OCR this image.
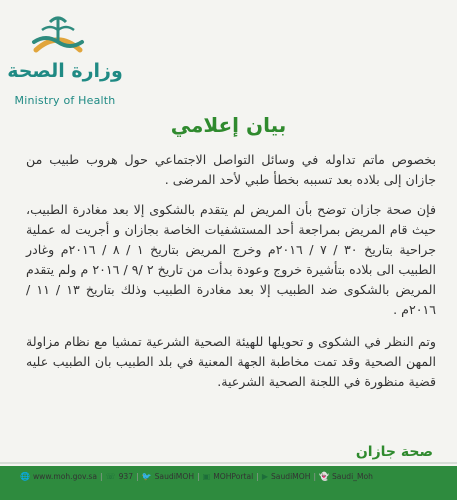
وزارة الصحة
Ministry of Health
بيان إعلامي

بخصوص ماتم تداوله في وسائل التواصل الاجتماعي حول هروب طبيب من جازان إلى بلاده بعد تسببه بخطأ طبي لأحد المرضى .

فإن صحة جازان توضح بأن المريض لم يتقدم بالشكوى إلا بعد مغادرة الطبيب، حيث قام المريض بمراجعة أحد المستشفيات الخاصة بجازان و أجريت له عملية جراحية بتاريخ ٣٠ / ٧ / ٢٠١٦م وخرج المريض بتاريخ ١ / ٨ / ٢٠١٦م وغادر الطبيب الى بلاده بتأشيرة خروج وعودة بدأت من تاريخ ٢ /٩ / ٢٠١٦ م ولم يتقدم المريض بالشكوى ضد الطبيب إلا بعد مغادرة الطبيب وذلك بتاريخ ١٣ / ١١ / ٢٠١٦م .

وتم النظر في الشكوى و تحويلها للهيئة الصحية الشرعية تمشيا مع نظام مزاولة المهن الصحية وقد تمت مخاطبة الجهة المعنية في بلد الطبيب بان الطبيب عليه قضية منظورة في اللجنة الصحية الشرعية.

صحة جازان
🌐 www.moh.gov.sa | ☏ 937 | 🐦 SaudiMOH | ▣ MOHPortal | ▶ SaudiMOH | 👻 Saudi_Moh
